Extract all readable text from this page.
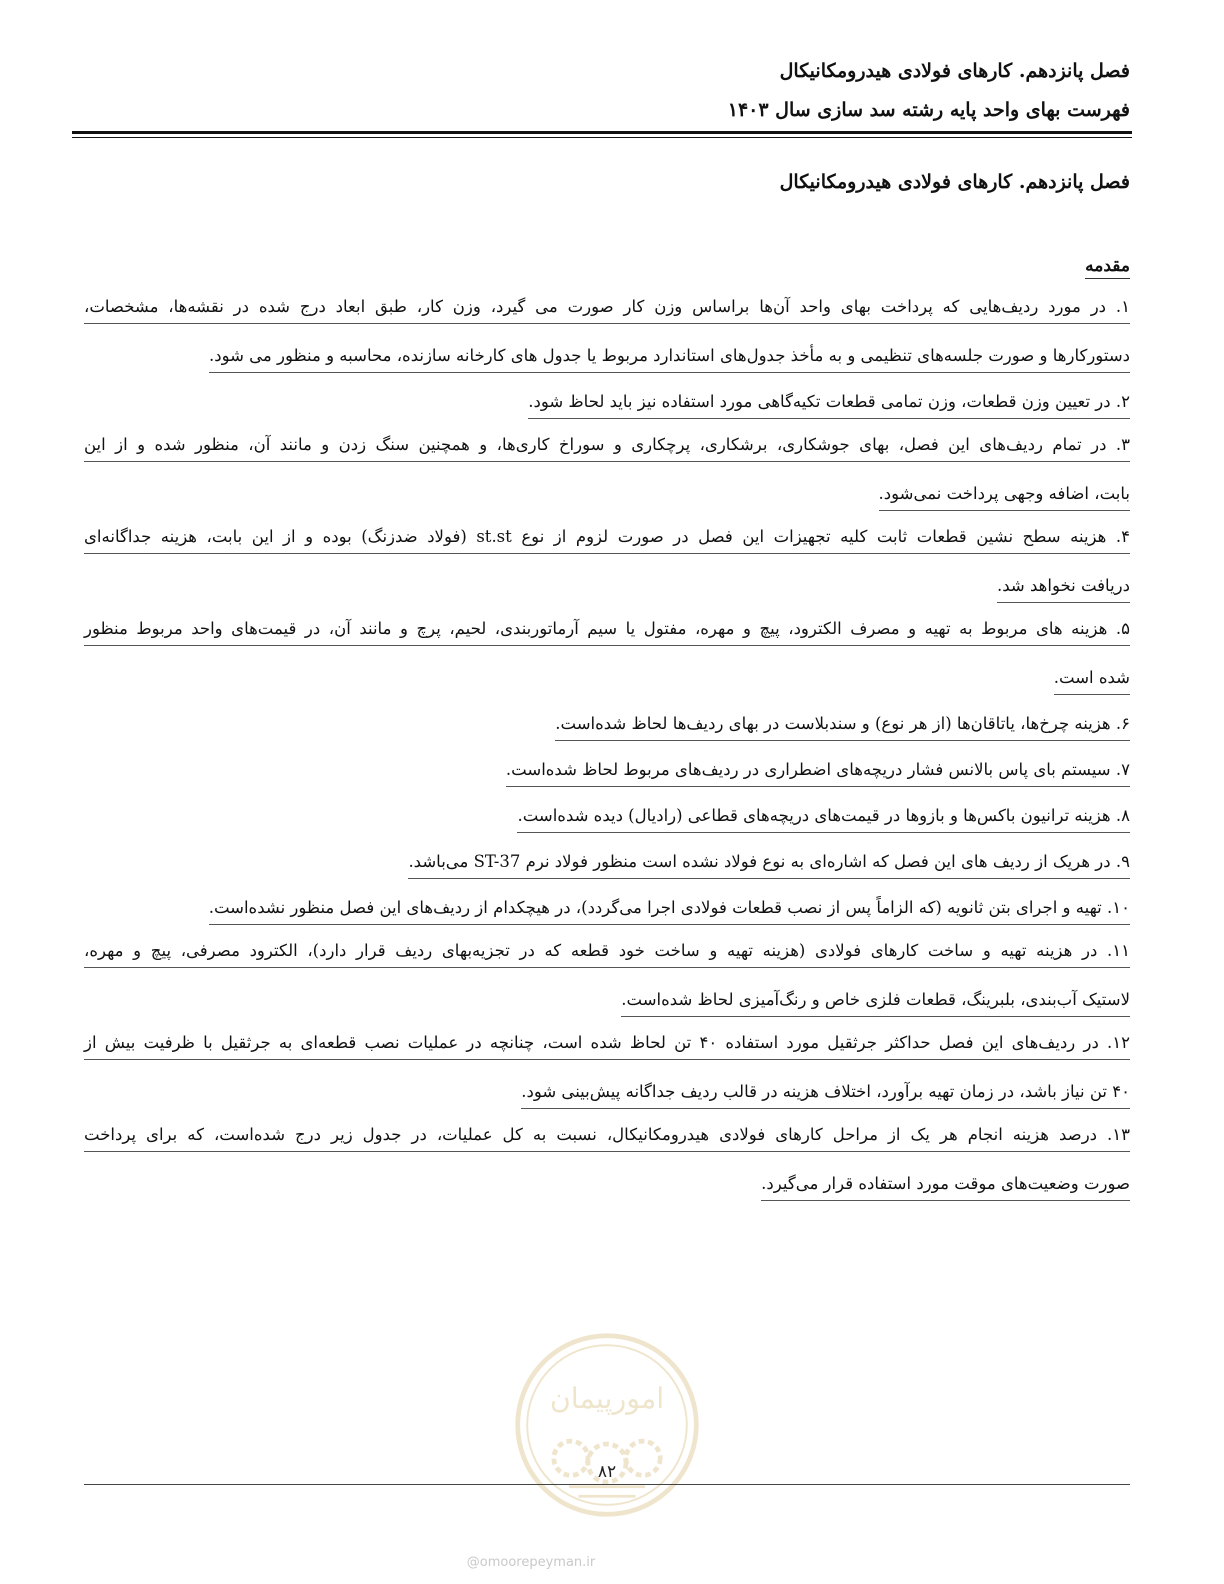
فصل پانزدهم. کارهای فولادی هیدرومکانیکال
فهرست بهای واحد پایه رشته سد سازی سال ۱۴۰۳
فصل پانزدهم. کارهای فولادی هیدرومکانیکال
مقدمه
۱. در مورد ردیف‌هایی که پرداخت بهای واحد آن‌ها براساس وزن کار صورت می گیرد، وزن کار، طبق ابعاد درج شده در نقشه‌ها، مشخصات،
دستورکارها و صورت جلسه‌های تنظیمی و به مأخذ جدول‌های استاندارد مربوط یا جدول های کارخانه سازنده، محاسبه و منظور می شود.
۲. در تعیین وزن قطعات، وزن تمامی قطعات تکیه‌گاهی مورد استفاده نیز باید لحاظ شود.
۳. در تمام ردیف‌های این فصل، بهای جوشکاری، برشکاری، پرچکاری و سوراخ کاری‌ها، و همچنین سنگ زدن و مانند آن، منظور شده و از این
بابت، اضافه وجهی پرداخت نمی‌شود.
۴. هزینه سطح نشین قطعات ثابت کلیه تجهیزات این فصل در صورت لزوم از نوع st.st (فولاد ضدزنگ) بوده و از این بابت، هزینه جداگانه‌ای
دریافت نخواهد شد.
۵. هزینه های مربوط به تهیه و مصرف الکترود، پیچ و مهره، مفتول یا سیم آرماتوربندی، لحیم، پرچ و مانند آن، در قیمت‌های واحد مربوط منظور
شده است.
۶. هزینه چرخ‌ها، یاتاقان‌ها (از هر نوع) و سندبلاست در بهای ردیف‌ها لحاظ شده‌است.
۷. سیستم بای پاس بالانس فشار دریچه‌های اضطراری در ردیف‌های مربوط لحاظ شده‌است.
۸. هزینه ترانیون باکس‌ها و بازوها در قیمت‌های دریچه‌های قطاعی (رادیال) دیده شده‌است.
۹. در هریک از ردیف های این فصل که اشاره‌ای به نوع فولاد نشده است منظور فولاد نرم ST-37 می‌باشد.
۱۰. تهیه و اجرای بتن ثانویه (که الزاماً پس از نصب قطعات فولادی اجرا می‌گردد)، در هیچکدام از ردیف‌های این فصل منظور نشده‌است.
۱۱. در هزینه تهیه و ساخت کارهای فولادی (هزینه تهیه و ساخت خود قطعه که در تجزیه‌بهای ردیف قرار دارد)، الکترود مصرفی، پیچ و مهره،
لاستیک آب‌بندی، بلبرینگ، قطعات فلزی خاص و رنگ‌آمیزی لحاظ شده‌است.
۱۲. در ردیف‌های این فصل حداکثر جرثقیل مورد استفاده ۴۰ تن لحاظ شده است، چنانچه در عملیات نصب قطعه‌ای به جرثقیل با ظرفیت بیش از
۴۰ تن نیاز باشد، در زمان تهیه برآورد، اختلاف هزینه در قالب ردیف جداگانه پیش‌بینی شود.
۱۳. درصد هزینه انجام هر یک از مراحل کارهای فولادی هیدرومکانیکال، نسبت به کل عملیات، در جدول زیر درج شده‌است، که برای پرداخت
صورت وضعیت‌های موقت مورد استفاده قرار می‌گیرد.
امورپیمان
۸۲
@omoorepeyman.ir
